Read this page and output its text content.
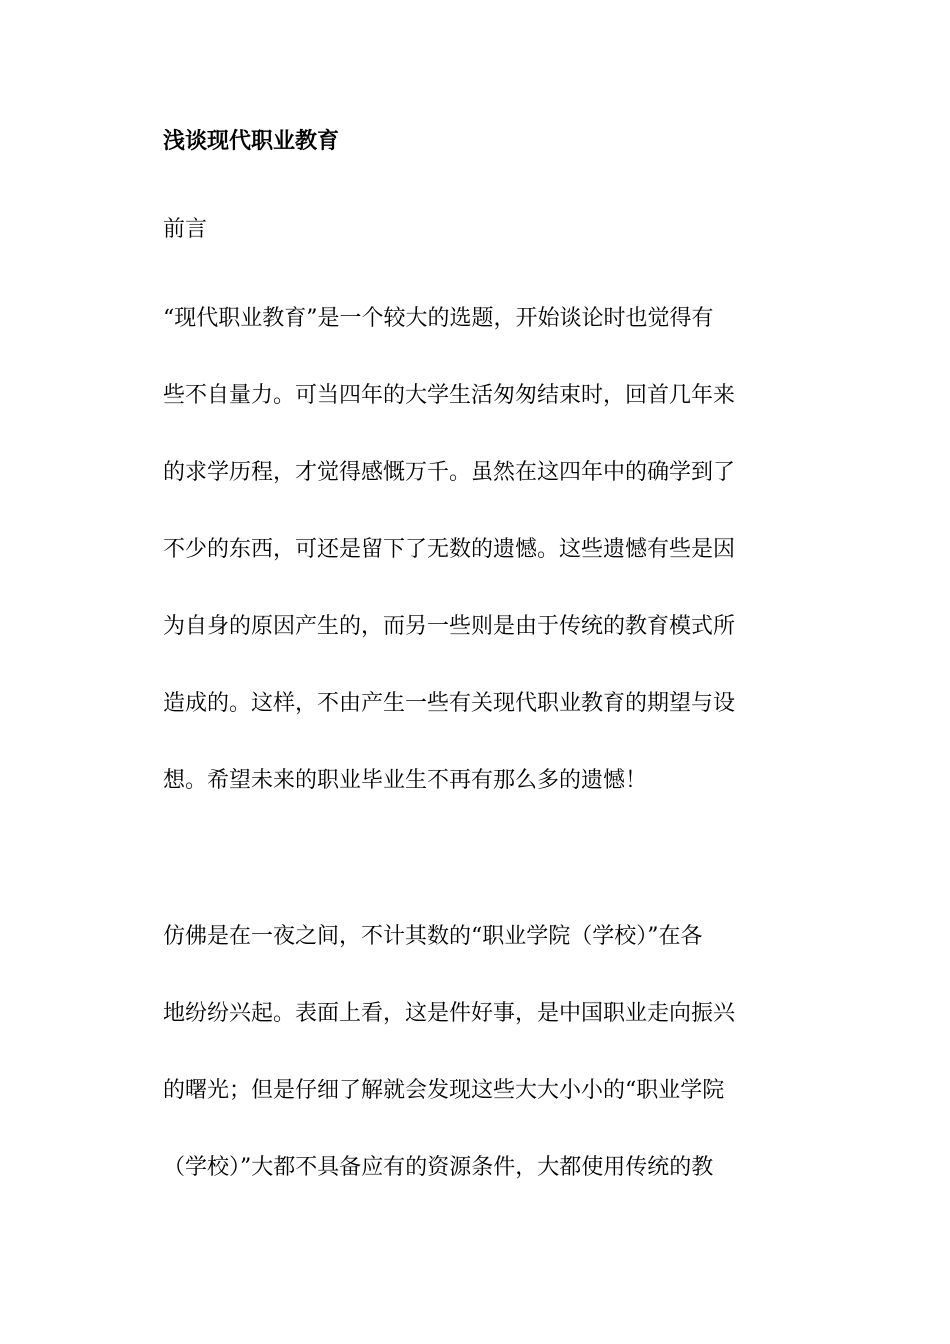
浅谈现代职业教育
前言
“现代职业教育”是一个较大的选题，开始谈论时也觉得有
些不自量力。可当四年的大学生活匆匆结束时，回首几年来
的求学历程，才觉得感慨万千。虽然在这四年中的确学到了
不少的东西，可还是留下了无数的遗憾。这些遗憾有些是因
为自身的原因产生的，而另一些则是由于传统的教育模式所
造成的。这样，不由产生一些有关现代职业教育的期望与设
想。希望未来的职业毕业生不再有那么多的遗憾！
仿佛是在一夜之间，不计其数的“职业学院（学校）”在各
地纷纷兴起。表面上看，这是件好事，是中国职业走向振兴
的曙光；但是仔细了解就会发现这些大大小小的“职业学院
（学校）”大都不具备应有的资源条件，大都使用传统的教
